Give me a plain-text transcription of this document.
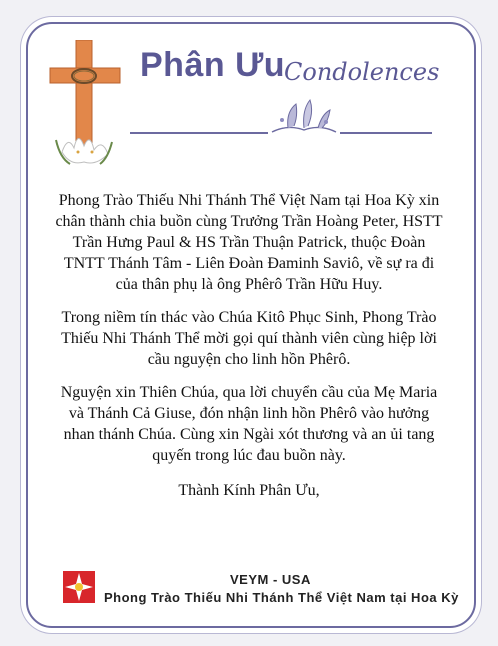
Phân Ưu
Condolences

Phong Trào Thiếu Nhi Thánh Thể Việt Nam tại Hoa Kỳ xin chân thành chia buồn cùng Trưởng Trần Hoàng Peter, HSTT Trần Hưng Paul & HS Trần Thuận Patrick, thuộc Đoàn TNTT Thánh Tâm - Liên Đoàn Đaminh Saviô, về sự ra đi của thân phụ là ông Phêrô Trần Hữu Huy.

Trong niềm tín thác vào Chúa Kitô Phục Sinh, Phong Trào Thiếu Nhi Thánh Thể mời gọi quí thành viên cùng hiệp lời cầu nguyện cho linh hồn Phêrô.

Nguyện xin Thiên Chúa, qua lời chuyển cầu của Mẹ Maria và Thánh Cả Giuse, đón nhận linh hồn Phêrô vào hưởng nhan thánh Chúa. Cùng xin Ngài xót thương và an ủi tang quyến trong lúc đau buồn này.

Thành Kính Phân Ưu,

VEYM - USA
Phong Trào Thiếu Nhi Thánh Thể Việt Nam tại Hoa Kỳ
